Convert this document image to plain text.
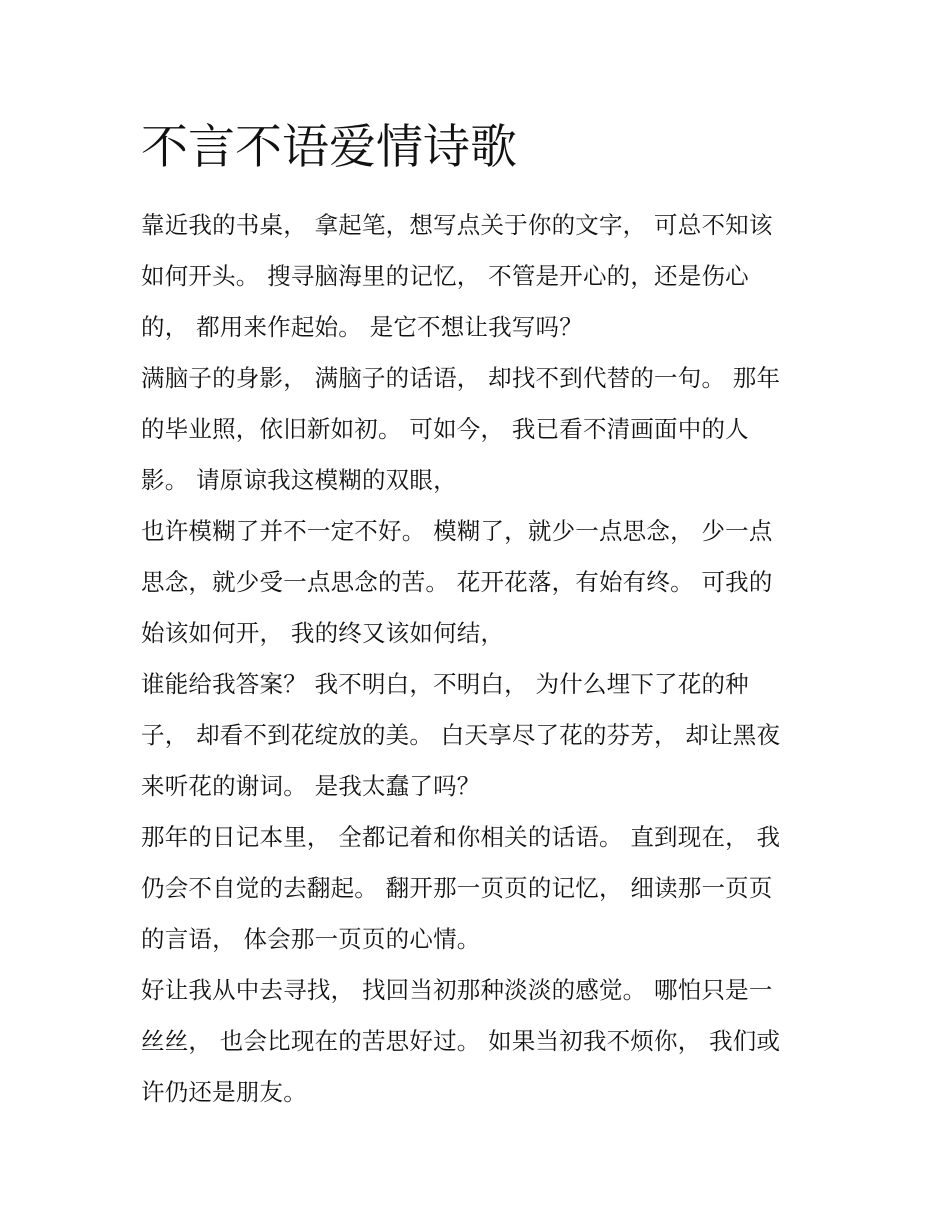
不言不语爱情诗歌
靠近我的书桌， 拿起笔，想写点关于你的文字， 可总不知该
如何开头。 搜寻脑海里的记忆， 不管是开心的，还是伤心
的， 都用来作起始。 是它不想让我写吗？
满脑子的身影， 满脑子的话语， 却找不到代替的一句。 那年
的毕业照，依旧新如初。 可如今， 我已看不清画面中的人
影。 请原谅我这模糊的双眼，
也许模糊了并不一定不好。 模糊了，就少一点思念， 少一点
思念，就少受一点思念的苦。 花开花落，有始有终。 可我的
始该如何开， 我的终又该如何结，
谁能给我答案？ 我不明白，不明白， 为什么埋下了花的种
子， 却看不到花绽放的美。 白天享尽了花的芬芳， 却让黑夜
来听花的谢词。 是我太蠢了吗？
那年的日记本里， 全都记着和你相关的话语。 直到现在， 我
仍会不自觉的去翻起。 翻开那一页页的记忆， 细读那一页页
的言语， 体会那一页页的心情。
好让我从中去寻找， 找回当初那种淡淡的感觉。 哪怕只是一
丝丝， 也会比现在的苦思好过。 如果当初我不烦你， 我们或
许仍还是朋友。
